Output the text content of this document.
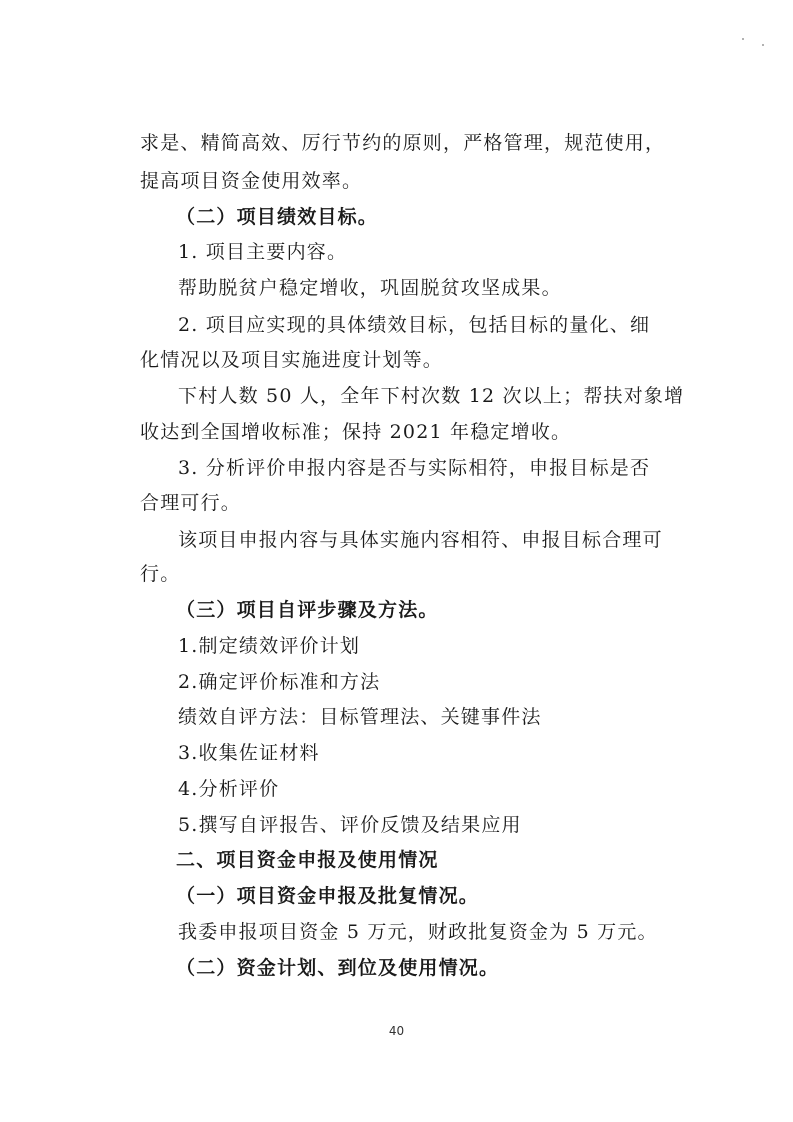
求是、精简高效、厉行节约的原则，严格管理，规范使用，
提高项目资金使用效率。
（二）项目绩效目标。
1. 项目主要内容。
帮助脱贫户稳定增收，巩固脱贫攻坚成果。
2. 项目应实现的具体绩效目标，包括目标的量化、细
化情况以及项目实施进度计划等。
下村人数 50 人，全年下村次数 12 次以上；帮扶对象增
收达到全国增收标准；保持 2021 年稳定增收。
3. 分析评价申报内容是否与实际相符，申报目标是否
合理可行。
该项目申报内容与具体实施内容相符、申报目标合理可
行。
（三）项目自评步骤及方法。
1.制定绩效评价计划
2.确定评价标准和方法
绩效自评方法：目标管理法、关键事件法
3.收集佐证材料
4.分析评价
5.撰写自评报告、评价反馈及结果应用
二、项目资金申报及使用情况
（一）项目资金申报及批复情况。
我委申报项目资金 5 万元，财政批复资金为 5 万元。
（二）资金计划、到位及使用情况。
40
